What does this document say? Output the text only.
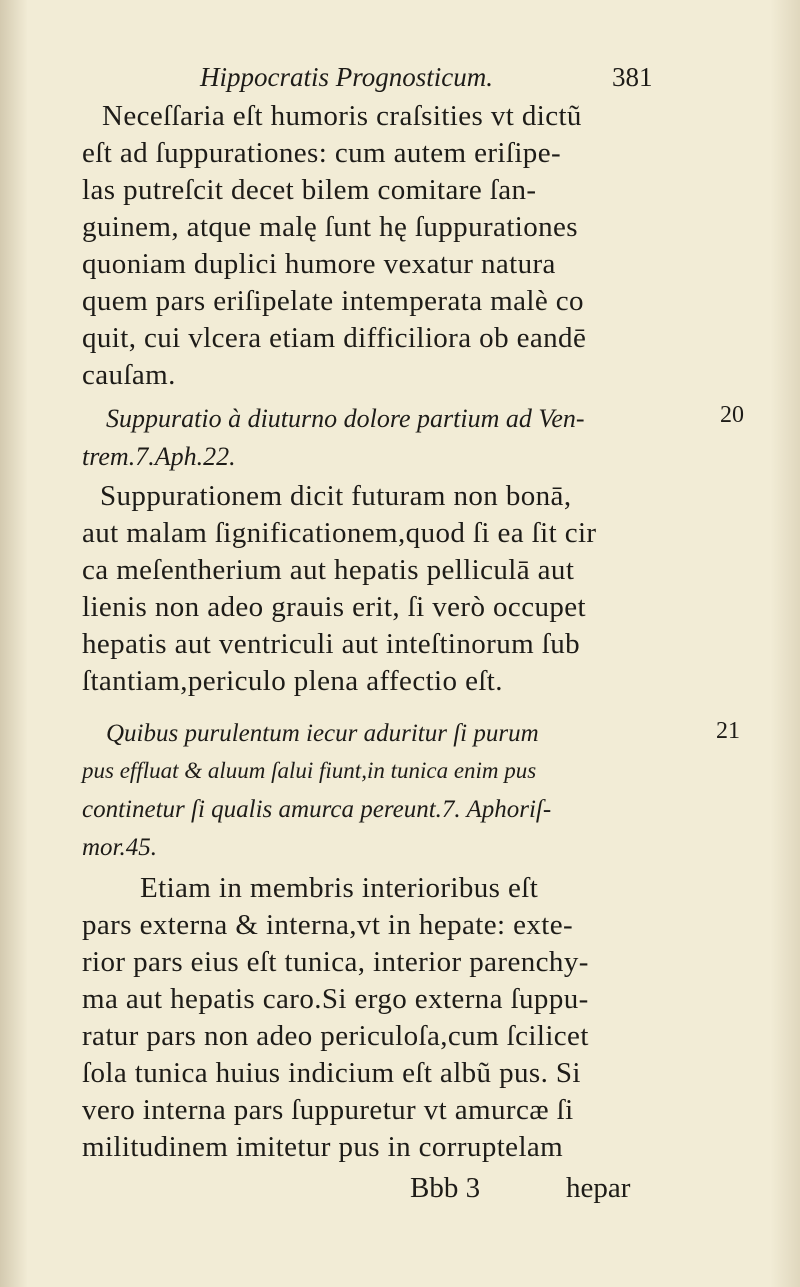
Hippocratis Prognosticum.	381
Neceſſaria eſt humoris craſsities vt dictũ
eſt ad ſuppurationes: cum autem eriſipe-
las putreſcit decet bilem comitare ſan-
guinem, atque malę ſunt hę ſuppurationes
quoniam duplici humore vexatur natura
quem pars eriſipelate intemperata malè co
quit, cui vlcera etiam difficiliora ob eandē
cauſam.
20
Suppuratio à diuturno dolore partium ad Ven-
trem.7.Aph.22.
Suppurationem dicit futuram non bonā,
aut malam ſignificationem,quod ſi ea ſit cir
ca meſentherium aut hepatis pelliculā aut
lienis non adeo grauis erit, ſi verò occupet
hepatis aut ventriculi aut inteſtinorum ſub
ſtantiam,periculo plena affectio eſt.
21
Quibus purulentum iecur aduritur ſi purum
pus effluat & aluum ſalui fiunt,in tunica enim pus
continetur ſi qualis amurca pereunt.7. Aphoriſ-
mor.45.
Etiam in membris interioribus eſt
pars externa & interna,vt in hepate: exte-
rior pars eius eſt tunica, interior parenchy-
ma aut hepatis caro.Si ergo externa ſuppu-
ratur pars non adeo periculoſa,cum ſcilicet
ſola tunica huius indicium eſt albũ pus. Si
vero interna pars ſuppuretur vt amurcæ ſi
militudinem imitetur pus in corruptelam
Bbb 3	hepar
